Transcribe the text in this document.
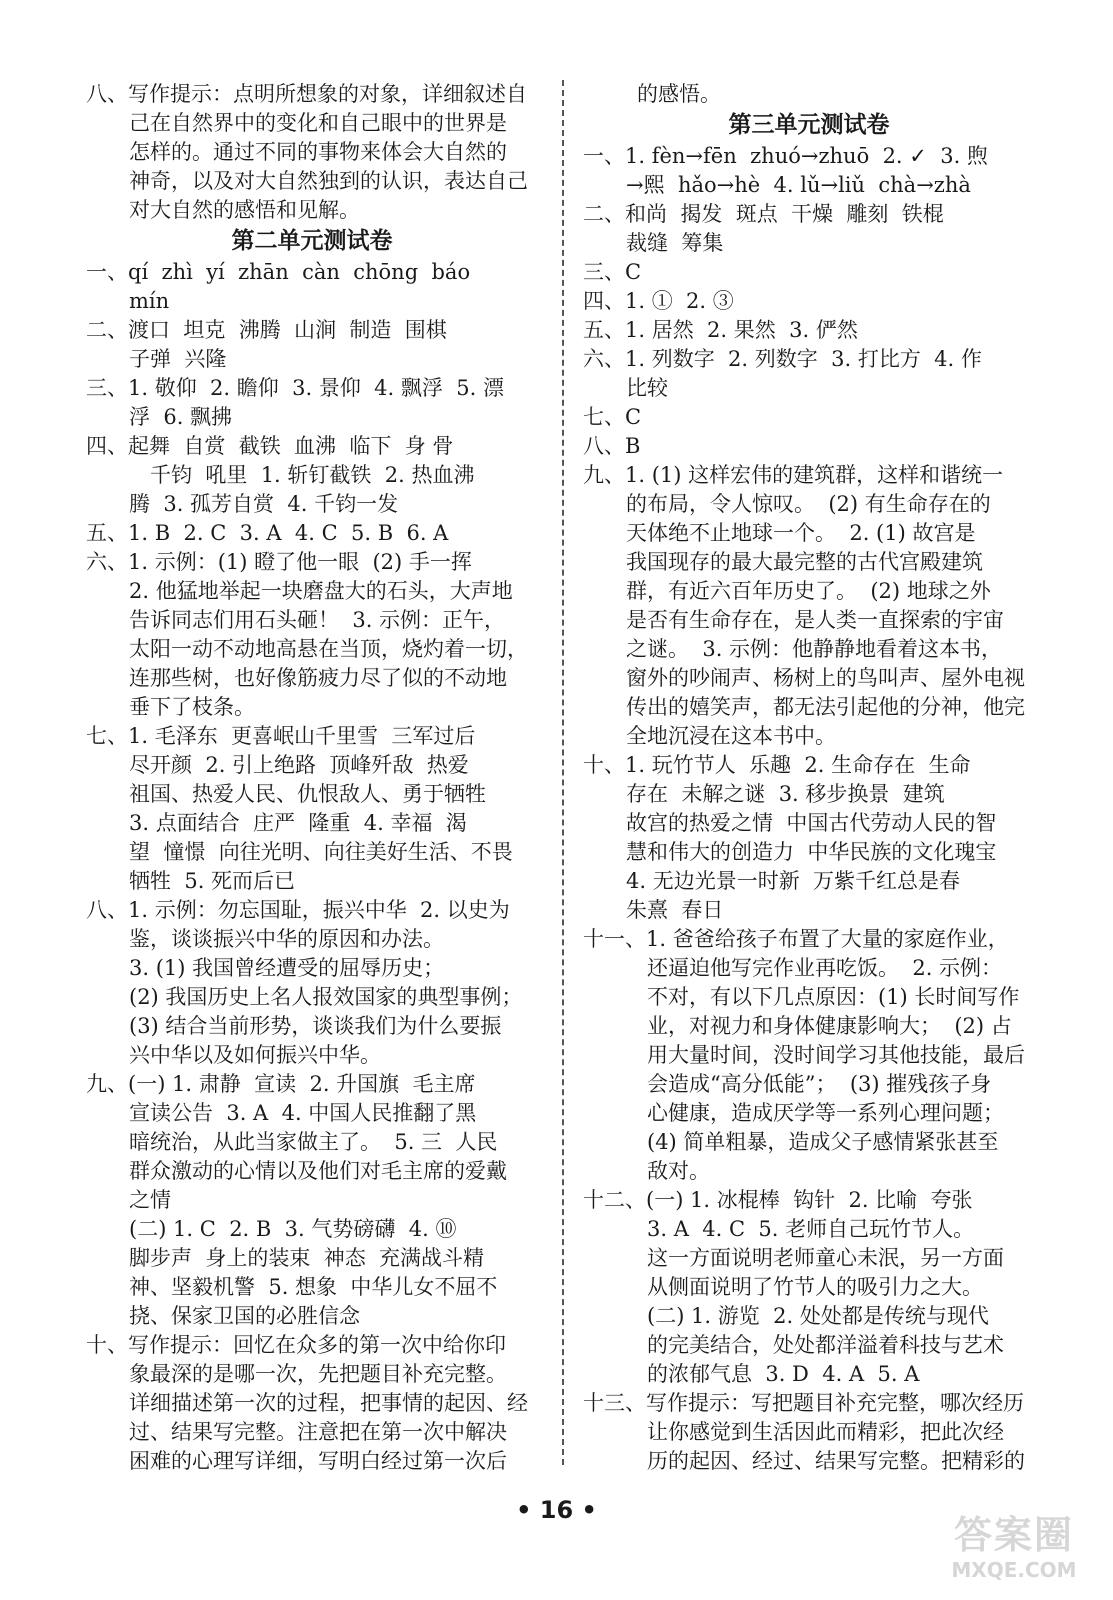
八、写作提示：点明所想象的对象，详细叙述自
己在自然界中的变化和自己眼中的世界是
怎样的。通过不同的事物来体会大自然的
神奇，以及对大自然独到的认识，表达自己
对大自然的感悟和见解。
第二单元测试卷
一、qí  zhì  yí  zhān  càn  chōng  báo
mín
二、渡口  坦克  沸腾  山涧  制造  围棋
子弹  兴隆
三、1. 敬仰  2. 瞻仰  3. 景仰  4. 飘浮  5. 漂
浮  6. 飘拂
四、起舞  自赏  截铁  血沸  临下  身 骨
千钧  吼里  1. 斩钉截铁  2. 热血沸
腾  3. 孤芳自赏  4. 千钧一发
五、1. B  2. C  3. A  4. C  5. B  6. A
六、1. 示例：(1) 瞪了他一眼  (2) 手一挥
2. 他猛地举起一块磨盘大的石头，大声地
告诉同志们用石头砸！  3. 示例：正午，
太阳一动不动地高悬在当顶，烧灼着一切，
连那些树，也好像筋疲力尽了似的不动地
垂下了枝条。
七、1. 毛泽东  更喜岷山千里雪  三军过后
尽开颜  2. 引上绝路  顶峰歼敌  热爱
祖国、热爱人民、仇恨敌人、勇于牺牲
3. 点面结合  庄严  隆重  4. 幸福  渴
望  憧憬  向往光明、向往美好生活、不畏
牺牲  5. 死而后已
八、1. 示例：勿忘国耻，振兴中华  2. 以史为
鉴，谈谈振兴中华的原因和办法。
3. (1) 我国曾经遭受的屈辱历史；
(2) 我国历史上名人报效国家的典型事例；
(3) 结合当前形势，谈谈我们为什么要振
兴中华以及如何振兴中华。
九、(一) 1. 肃静  宣读  2. 升国旗  毛主席
宣读公告  3. A  4. 中国人民推翻了黑
暗统治，从此当家做主了。  5. 三  人民
群众激动的心情以及他们对毛主席的爱戴
之情
(二) 1. C  2. B  3. 气势磅礴  4. ⑩
脚步声  身上的装束  神态  充满战斗精
神、坚毅机警  5. 想象  中华儿女不屈不
挠、保家卫国的必胜信念
十、写作提示：回忆在众多的第一次中给你印
象最深的是哪一次，先把题目补充完整。
详细描述第一次的过程，把事情的起因、经
过、结果写完整。注意把在第一次中解决
困难的心理写详细，写明白经过第一次后
的感悟。
第三单元测试卷
一、1. fèn→fēn  zhuó→zhuō  2. ✓  3. 煦
→熙  hǎo→hè  4. lǔ→liǔ  chà→zhà
二、和尚  揭发  斑点  干燥  雕刻  铁棍
裁缝  筹集
三、C
四、1. ①  2. ③
五、1. 居然  2. 果然  3. 俨然
六、1. 列数字  2. 列数字  3. 打比方  4. 作
比较
七、C
八、B
九、1. (1) 这样宏伟的建筑群，这样和谐统一
的布局，令人惊叹。  (2) 有生命存在的
天体绝不止地球一个。  2. (1) 故宫是
我国现存的最大最完整的古代宫殿建筑
群，有近六百年历史了。  (2) 地球之外
是否有生命存在，是人类一直探索的宇宙
之谜。  3. 示例：他静静地看着这本书，
窗外的吵闹声、杨树上的鸟叫声、屋外电视
传出的嬉笑声，都无法引起他的分神，他完
全地沉浸在这本书中。
十、1. 玩竹节人  乐趣  2. 生命存在  生命
存在  未解之谜  3. 移步换景  建筑
故宫的热爱之情  中国古代劳动人民的智
慧和伟大的创造力  中华民族的文化瑰宝
4. 无边光景一时新  万紫千红总是春
朱熹  春日
十一、1. 爸爸给孩子布置了大量的家庭作业，
还逼迫他写完作业再吃饭。  2. 示例：
不对，有以下几点原因：(1) 长时间写作
业，对视力和身体健康影响大；  (2) 占
用大量时间，没时间学习其他技能，最后
会造成“高分低能”；  (3) 摧残孩子身
心健康，造成厌学等一系列心理问题；
(4) 简单粗暴，造成父子感情紧张甚至
敌对。
十二、(一) 1. 冰棍棒  钩针  2. 比喻  夸张
3. A  4. C  5. 老师自己玩竹节人。
这一方面说明老师童心未泯，另一方面
从侧面说明了竹节人的吸引力之大。
(二) 1. 游览  2. 处处都是传统与现代
的完美结合，处处都洋溢着科技与艺术
的浓郁气息  3. D  4. A  5. A
十三、写作提示：写把题目补充完整，哪次经历
让你感觉到生活因此而精彩，把此次经
历的起因、经过、结果写完整。把精彩的
• 16 •
答案圈
MXQE.COM
